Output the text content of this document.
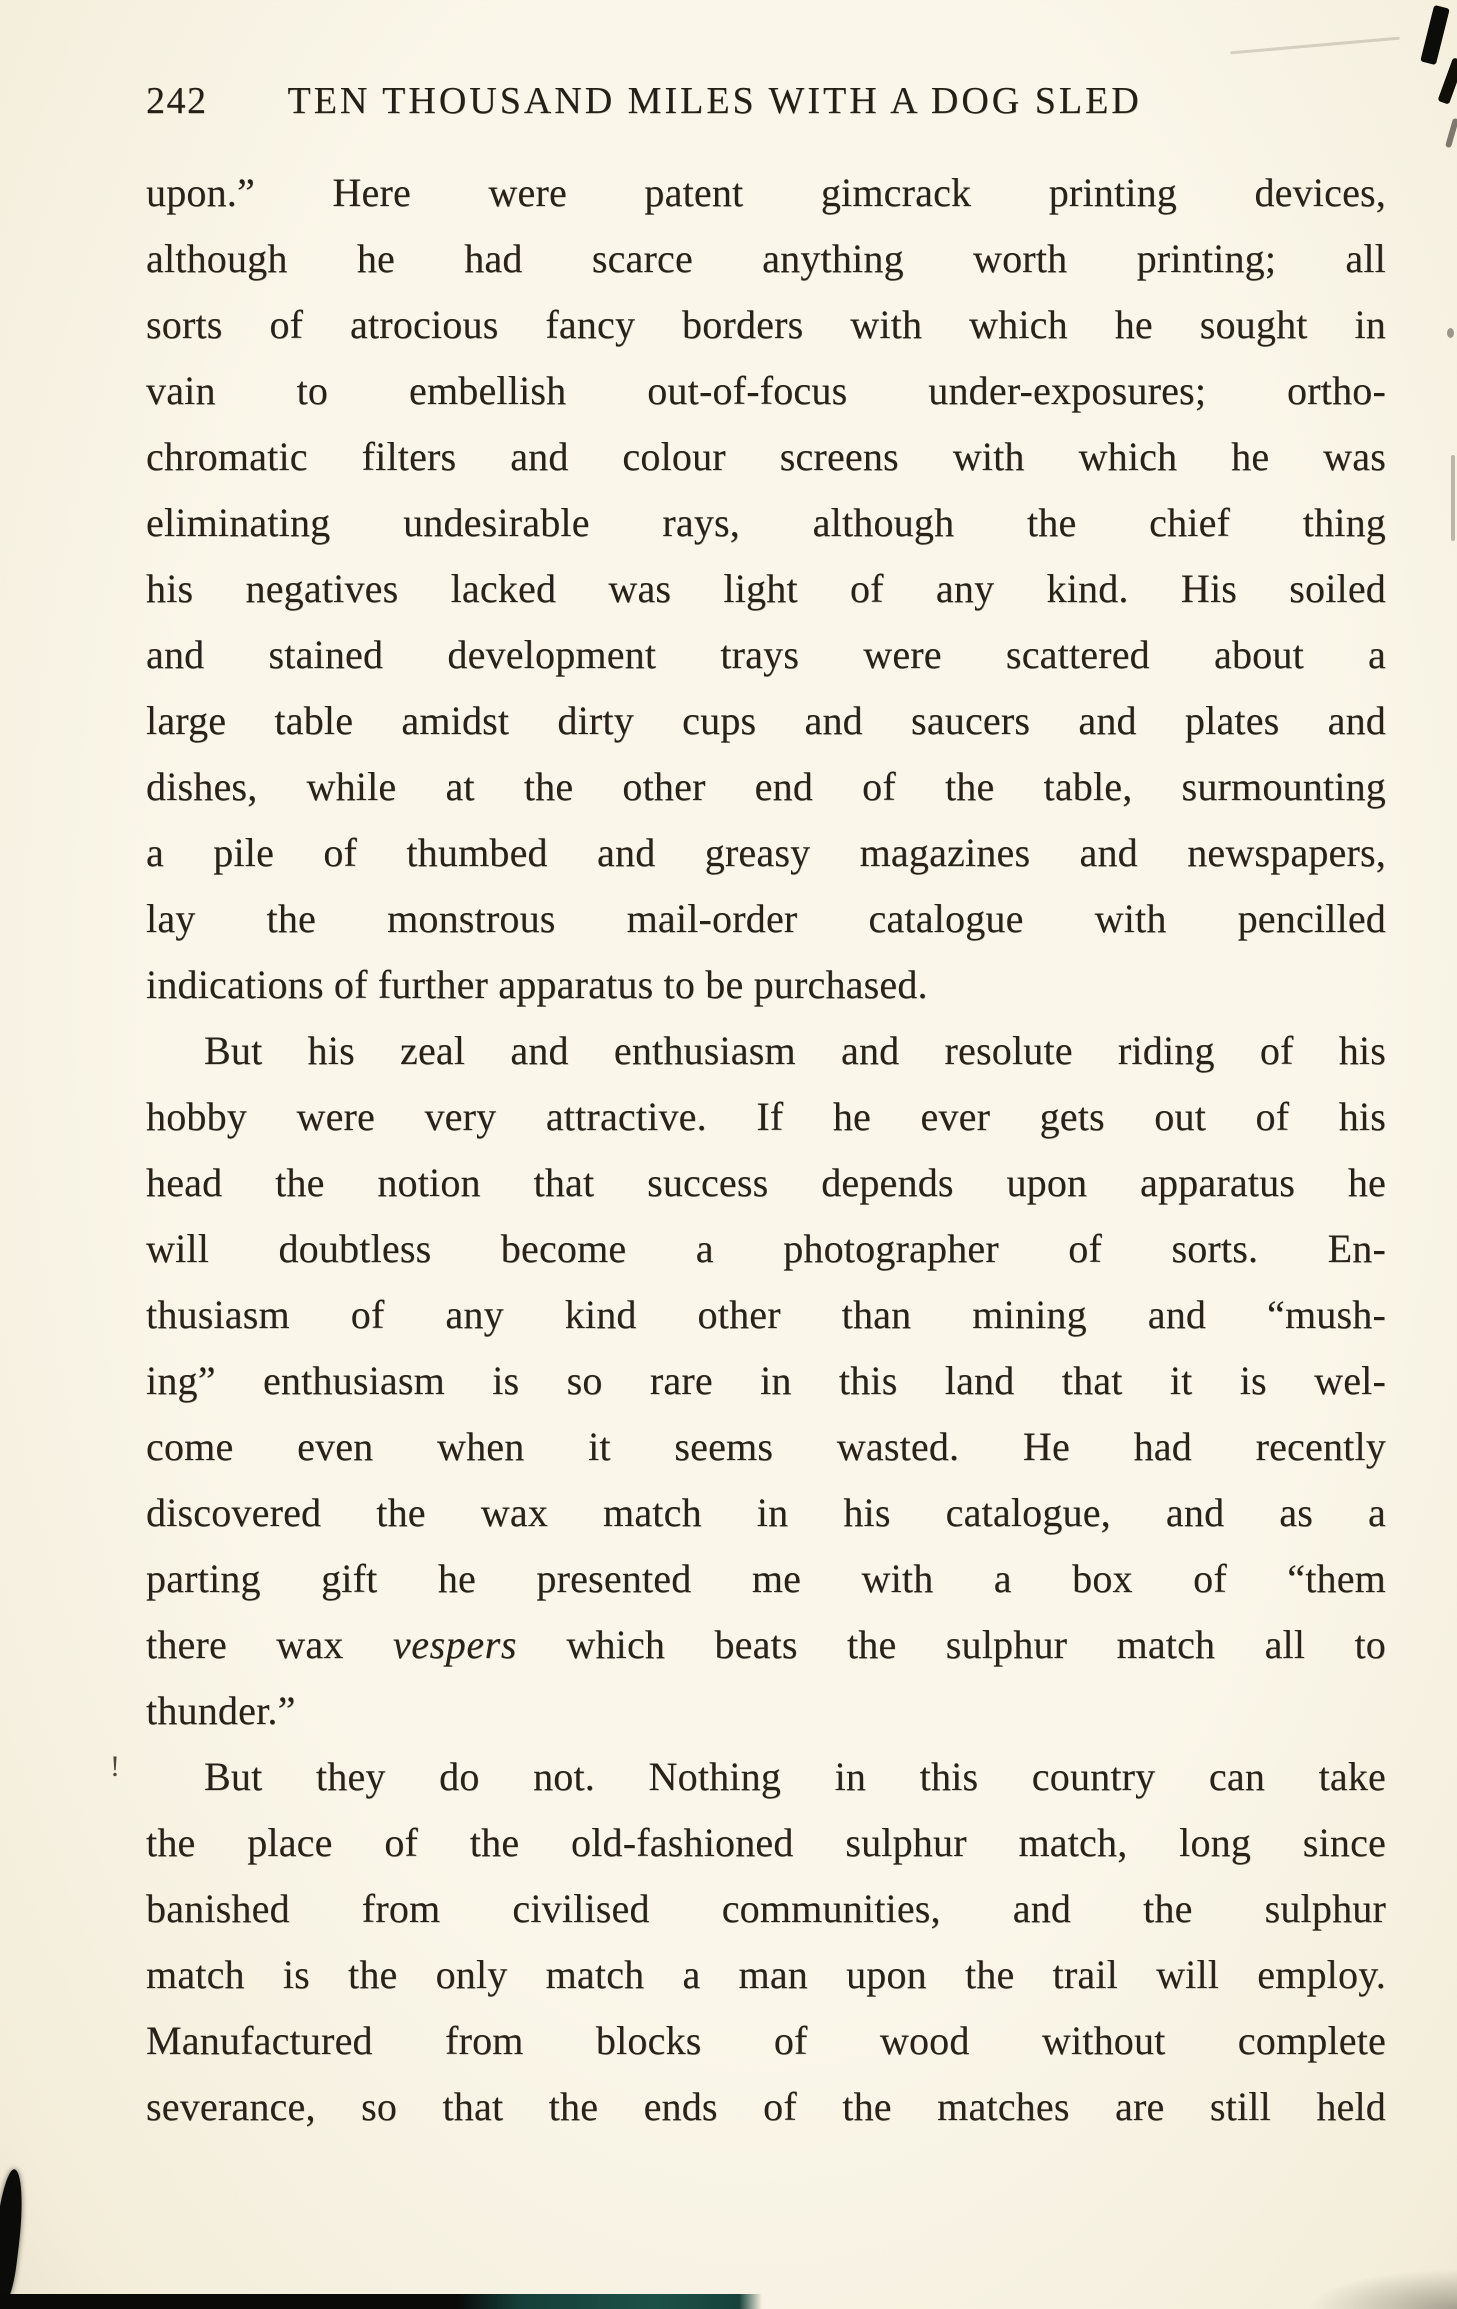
242 TEN THOUSAND MILES WITH A DOG SLED
upon.” Here were patent gimcrack printing devices,
although he had scarce anything worth printing; all
sorts of atrocious fancy borders with which he sought in
vain to embellish out-of-focus under-exposures; ortho-
chromatic filters and colour screens with which he was
eliminating undesirable rays, although the chief thing
his negatives lacked was light of any kind. His soiled
and stained development trays were scattered about a
large table amidst dirty cups and saucers and plates and
dishes, while at the other end of the table, surmounting
a pile of thumbed and greasy magazines and newspapers,
lay the monstrous mail-order catalogue with pencilled
indications of further apparatus to be purchased.
But his zeal and enthusiasm and resolute riding of his
hobby were very attractive. If he ever gets out of his
head the notion that success depends upon apparatus he
will doubtless become a photographer of sorts. En-
thusiasm of any kind other than mining and “mush-
ing” enthusiasm is so rare in this land that it is wel-
come even when it seems wasted. He had recently
discovered the wax match in his catalogue, and as a
parting gift he presented me with a box of “them
there wax vespers which beats the sulphur match all to
thunder.”
But they do not. Nothing in this country can take
the place of the old-fashioned sulphur match, long since
banished from civilised communities, and the sulphur
match is the only match a man upon the trail will employ.
Manufactured from blocks of wood without complete
severance, so that the ends of the matches are still held
!
